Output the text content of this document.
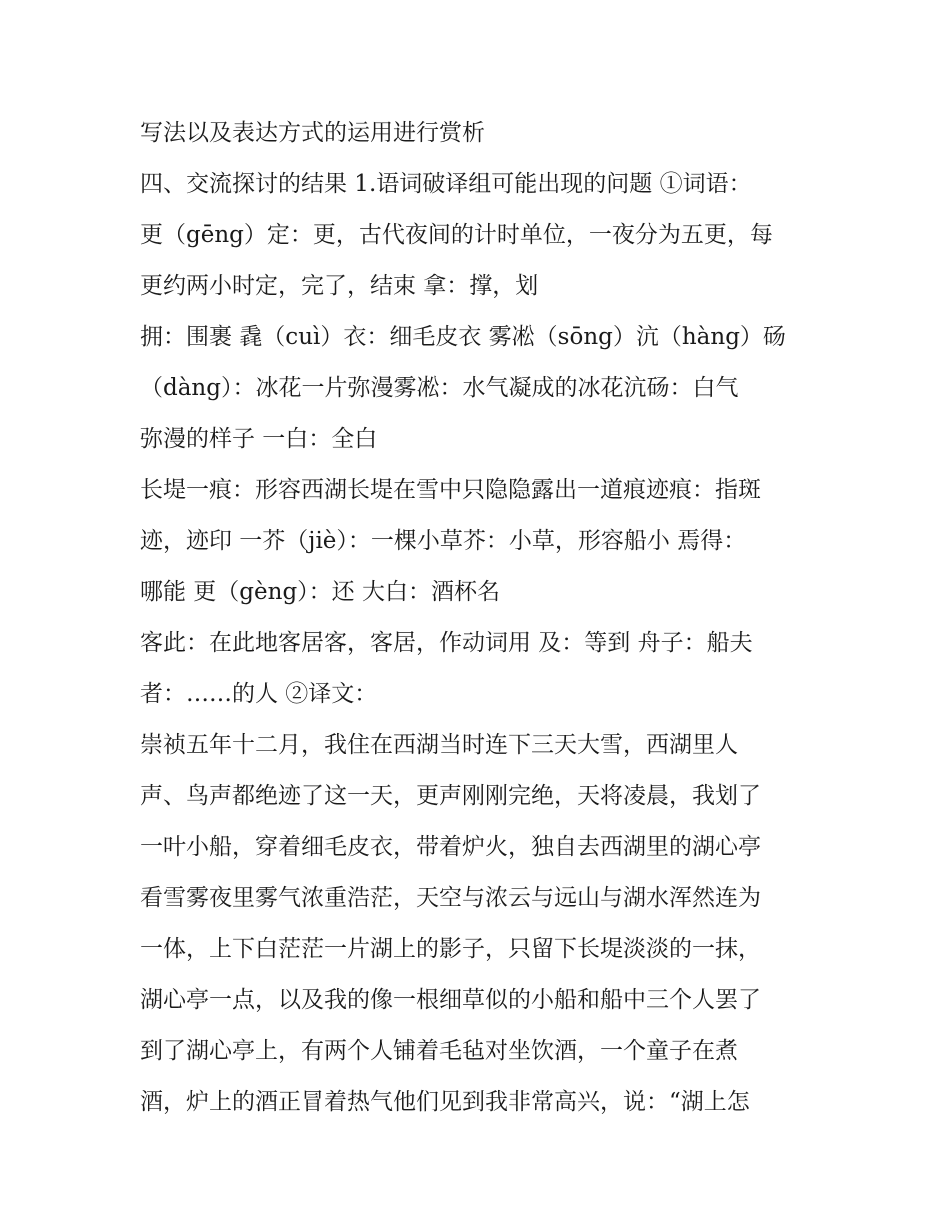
写法以及表达方式的运用进行赏析
四、交流探讨的结果 1.语词破译组可能出现的问题 ①词语：
更（gēng）定：更，古代夜间的计时单位，一夜分为五更，每
更约两小时定，完了，结束 拿：撑，划
拥：围裹 毳（cuì）衣：细毛皮衣 雾凇（sōng）沆（hàng）砀
（dàng）：冰花一片弥漫雾凇：水气凝成的冰花沆砀：白气
弥漫的样子 一白：全白
长堤一痕：形容西湖长堤在雪中只隐隐露出一道痕迹痕：指斑
迹，迹印 一芥（jiè）：一棵小草芥：小草，形容船小 焉得：
哪能 更（gèng）：还 大白：酒杯名
客此：在此地客居客，客居，作动词用 及：等到 舟子：船夫
者：……的人 ②译文：
崇祯五年十二月，我住在西湖当时连下三天大雪，西湖里人
声、鸟声都绝迹了这一天，更声刚刚完绝，天将凌晨，我划了
一叶小船，穿着细毛皮衣，带着炉火，独自去西湖里的湖心亭
看雪雾夜里雾气浓重浩茫，天空与浓云与远山与湖水浑然连为
一体，上下白茫茫一片湖上的影子，只留下长堤淡淡的一抹，
湖心亭一点，以及我的像一根细草似的小船和船中三个人罢了
到了湖心亭上，有两个人铺着毛毡对坐饮酒，一个童子在煮
酒，炉上的酒正冒着热气他们见到我非常高兴，说：“湖上怎
